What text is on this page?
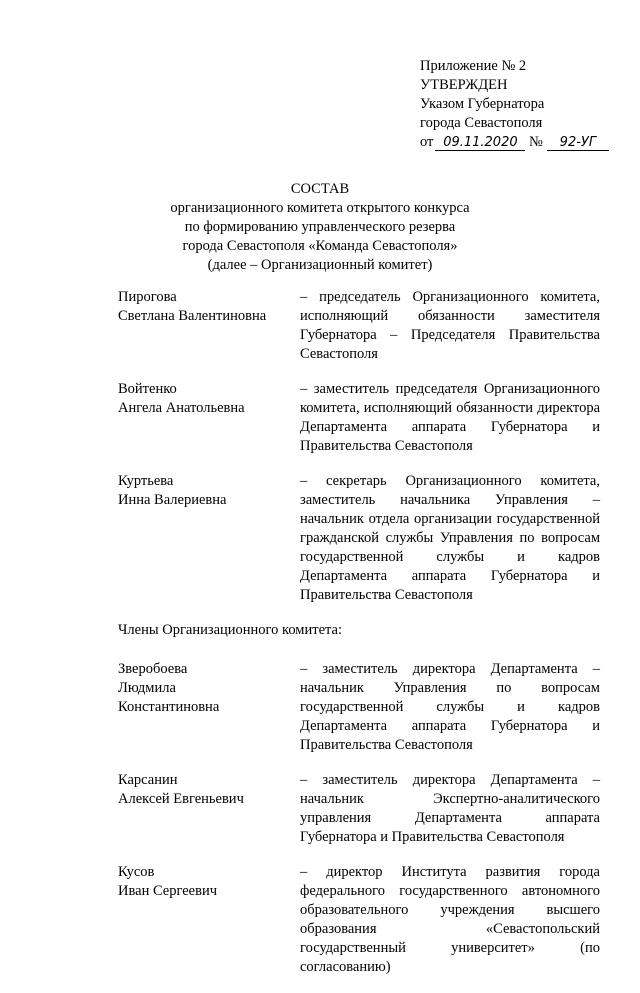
Приложение № 2
УТВЕРЖДЕН
Указом Губернатора
города Севастополя
от 09.11.2020 № 92-УГ
СОСТАВ
организационного комитета открытого конкурса
по формированию управленческого резерва
города Севастополя «Команда Севастополя»
(далее – Организационный комитет)
Пирогова
Светлана Валентиновна
– председатель Организационного комитета, исполняющий обязанности заместителя Губернатора – Председателя Правительства Севастополя
Войтенко
Ангела Анатольевна
– заместитель председателя Организационного комитета, исполняющий обязанности директора Департамента аппарата Губернатора и Правительства Севастополя
Куртьева
Инна Валериевна
– секретарь Организационного комитета, заместитель начальника Управления – начальник отдела организации государственной гражданской службы Управления по вопросам государственной службы и кадров Департамента аппарата Губернатора и Правительства Севастополя
Члены Организационного комитета:
Зверобоева
Людмила
Константиновна
– заместитель директора Департамента – начальник Управления по вопросам государственной службы и кадров Департамента аппарата Губернатора и Правительства Севастополя
Карсанин
Алексей Евгеньевич
– заместитель директора Департамента – начальник Экспертно-аналитического управления Департамента аппарата Губернатора и Правительства Севастополя
Кусов
Иван Сергеевич
– директор Института развития города федерального государственного автономного образовательного учреждения высшего образования «Севастопольский государственный университет» (по согласованию)
